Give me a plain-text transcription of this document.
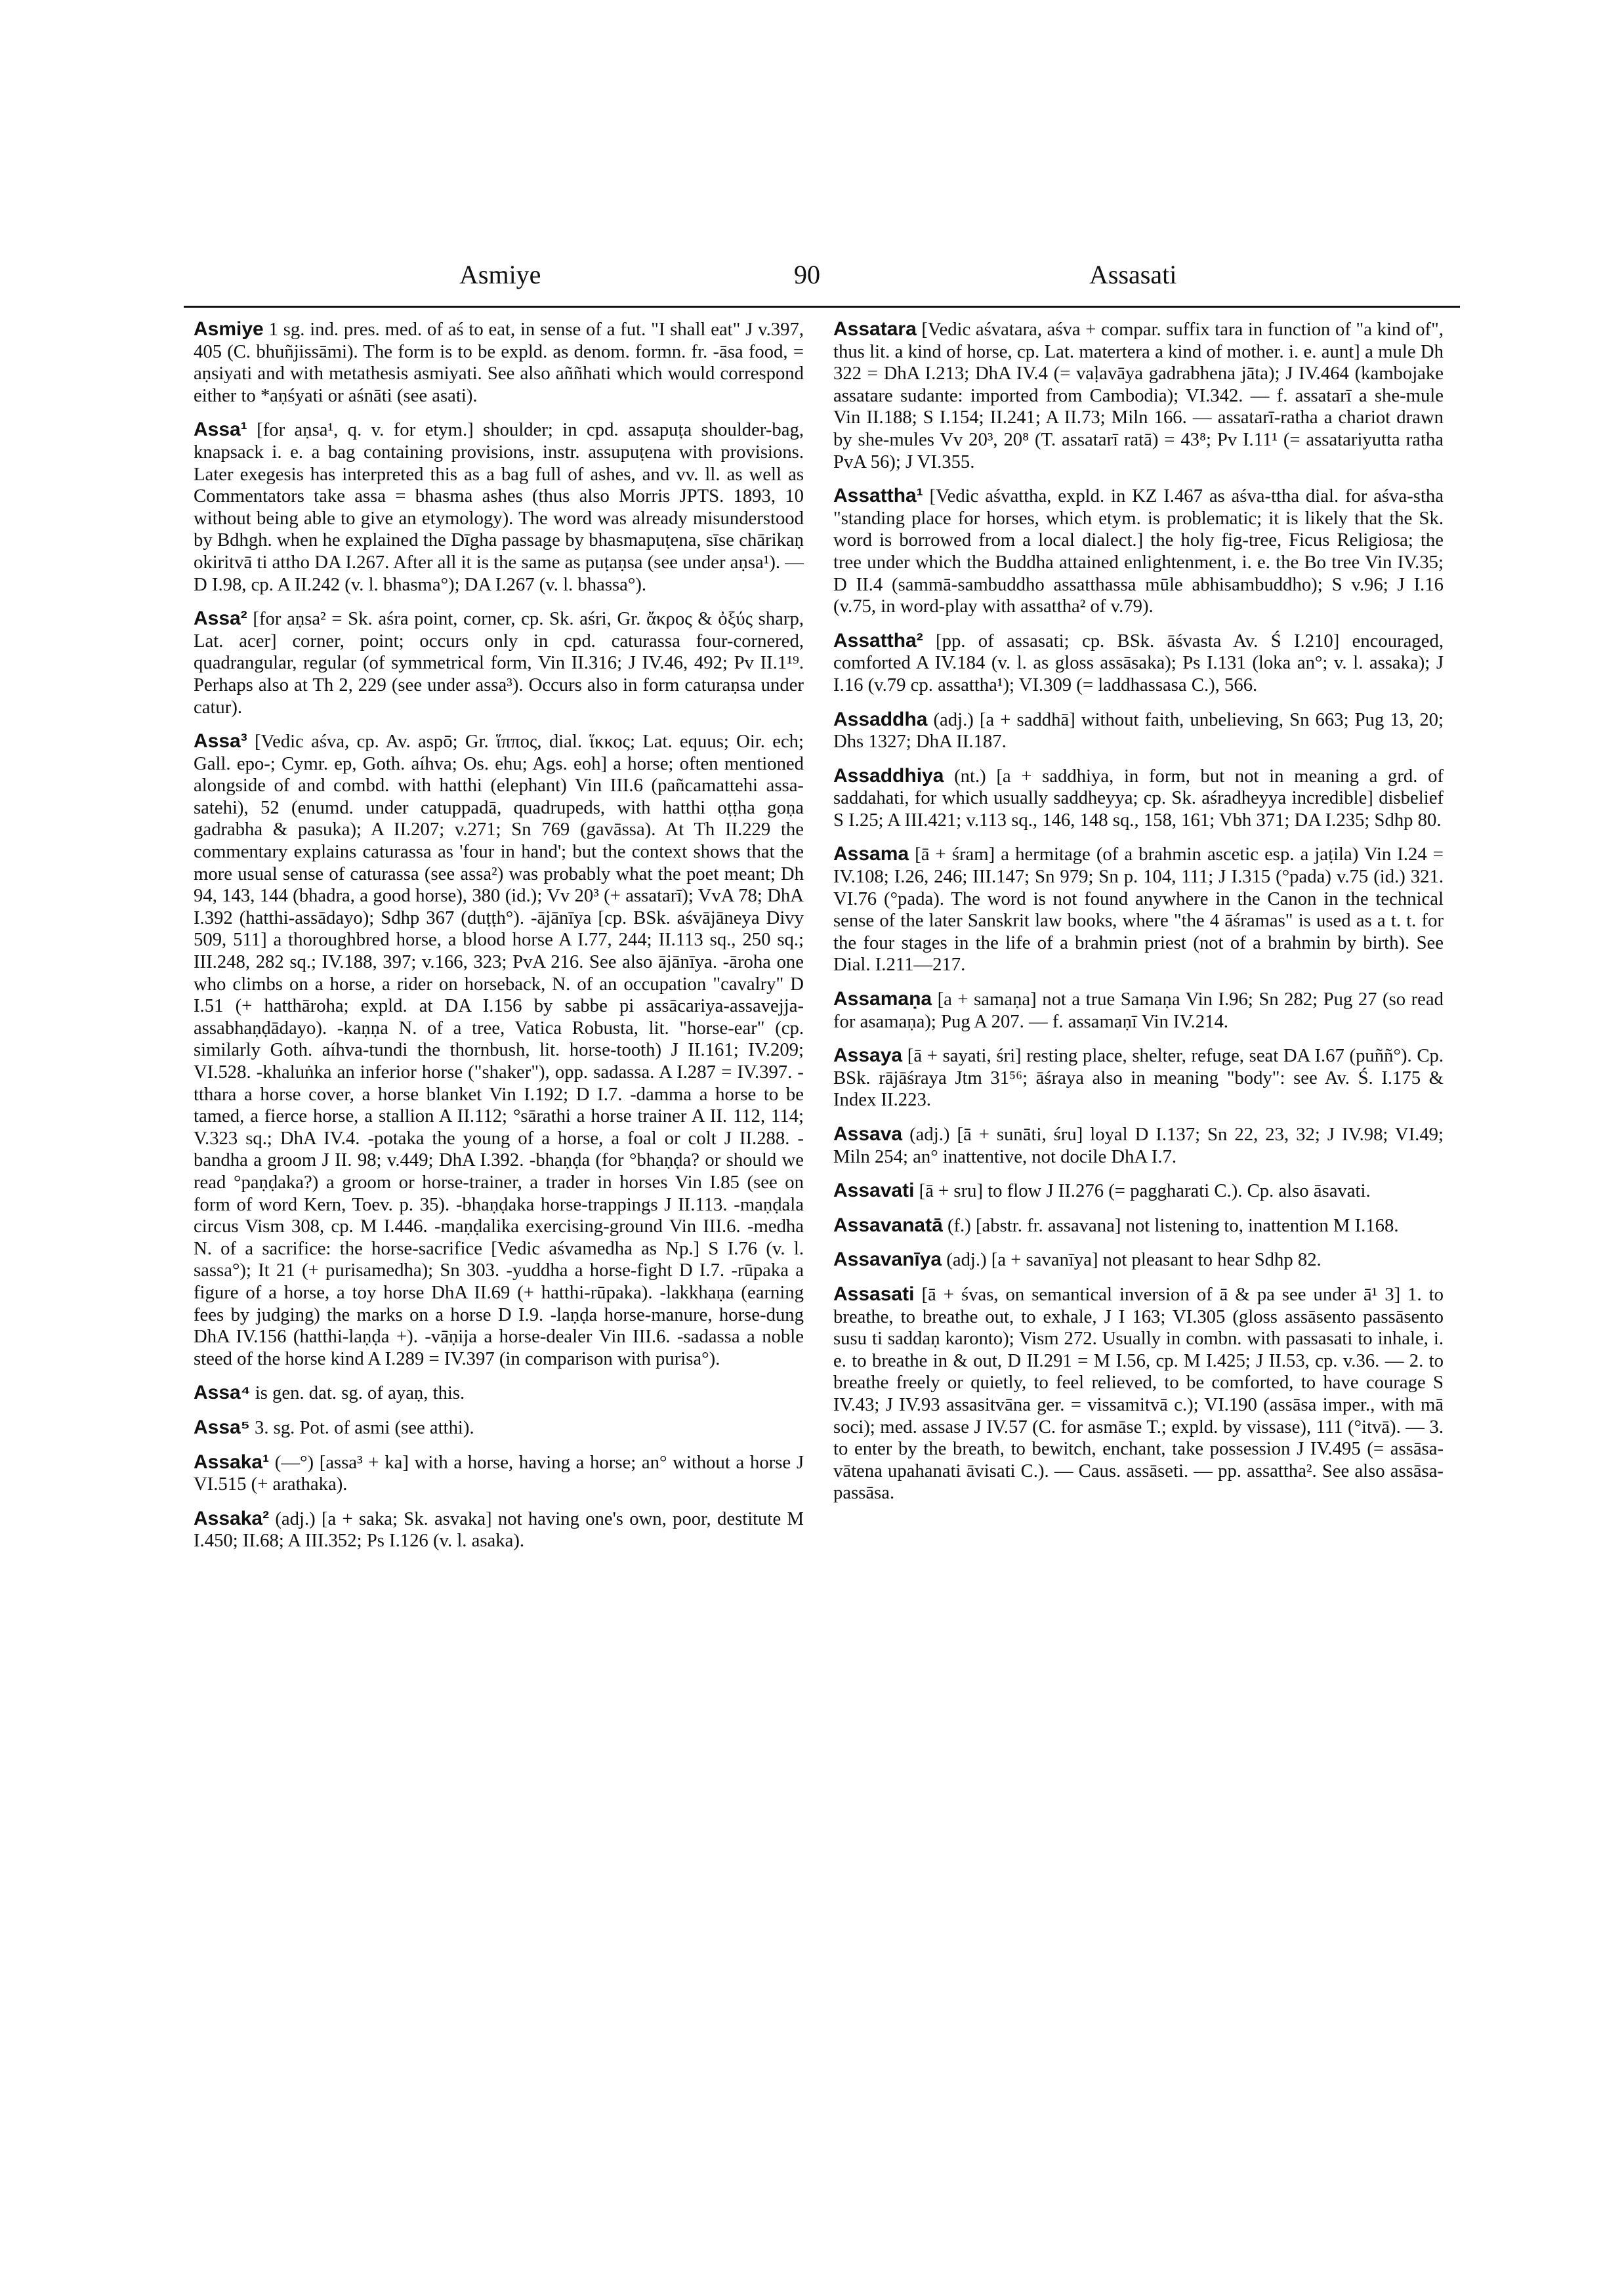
Asmiye	90	Assasati

Asmiye 1 sg. ind. pres. med. of aś to eat, in sense of a fut. "I shall eat" J v.397, 405 (C. bhuñjissāmi). The form is to be expld. as denom. formn. fr. -āsa food, = aṇsiyati and with metathesis asmiyati. See also aññhati which would correspond either to *aṇśyati or aśnāti (see asati).

Assa¹ [for aṇsa¹, q. v. for etym.] shoulder; in cpd. assapuṭa shoulder-bag, knapsack i. e. a bag containing provisions, instr. assupuṭena with provisions. Later exegesis has interpreted this as a bag full of ashes, and vv. ll. as well as Commentators take assa = bhasma ashes (thus also Morris JPTS. 1893, 10 without being able to give an etymology). The word was already misunderstood by Bdhgh. when he explained the Dīgha passage by bhasmapuṭena, sīse chārikaṇ okiritvā ti attho DA I.267. After all it is the same as puṭaṇsa (see under aṇsa¹). — D I.98, cp. A II.242 (v. l. bhasma°); DA I.267 (v. l. bhassa°).

Assa² [for aṇsa² = Sk. aśra point, corner, cp. Sk. aśri, Gr. ἄκρος & ὀξύς sharp, Lat. acer] corner, point; occurs only in cpd. caturassa four-cornered, quadrangular, regular (of symmetrical form, Vin II.316; J IV.46, 492; Pv II.1¹⁹. Perhaps also at Th 2, 229 (see under assa³). Occurs also in form caturaṇsa under catur).

Assa³ [Vedic aśva, cp. Av. aspō; Gr. ἵππος, dial. ἵκκος; Lat. equus; Oir. ech; Gall. epo-; Cymr. ep, Goth. aíhva; Os. ehu; Ags. eoh] a horse; often mentioned alongside of and combd. with hatthi (elephant) Vin III.6 (pañcamattehi assa-satehi), 52 (enumd. under catuppadā, quadrupeds, with hatthi oṭṭha goṇa gadrabha & pasuka); A II.207; v.271; Sn 769 (gavāssa). At Th II.229 the commentary explains caturassa as 'four in hand'; but the context shows that the more usual sense of caturassa (see assa²) was probably what the poet meant; Dh 94, 143, 144 (bhadra, a good horse), 380 (id.); Vv 20³ (+ assatarī); VvA 78; DhA I.392 (hatthi-assādayo); Sdhp 367 (duṭṭh°). -ājānīya [cp. BSk. aśvājāneya Divy 509, 511] a thoroughbred horse, a blood horse A I.77, 244; II.113 sq., 250 sq.; III.248, 282 sq.; IV.188, 397; v.166, 323; PvA 216. See also ājānīya. -āroha one who climbs on a horse, a rider on horseback, N. of an occupation "cavalry" D I.51 (+ hatthāroha; expld. at DA I.156 by sabbe pi assācariya-assavejja-assabhaṇḍādayo). -kaṇṇa N. of a tree, Vatica Robusta, lit. "horse-ear" (cp. similarly Goth. aíhva-tundi the thornbush, lit. horse-tooth) J II.161; IV.209; VI.528. -khaluṅka an inferior horse ("shaker"), opp. sadassa. A I.287 = IV.397. -tthara a horse cover, a horse blanket Vin I.192; D I.7. -damma a horse to be tamed, a fierce horse, a stallion A II.112; °sārathi a horse trainer A II. 112, 114; V.323 sq.; DhA IV.4. -potaka the young of a horse, a foal or colt J II.288. -bandha a groom J II. 98; v.449; DhA I.392. -bhaṇḍa (for °bhaṇḍa? or should we read °paṇḍaka?) a groom or horse-trainer, a trader in horses Vin I.85 (see on form of word Kern, Toev. p. 35). -bhaṇḍaka horse-trappings J II.113. -maṇḍala circus Vism 308, cp. M I.446. -maṇḍalika exercising-ground Vin III.6. -medha N. of a sacrifice: the horse-sacrifice [Vedic aśvamedha as Np.] S I.76 (v. l. sassa°); It 21 (+ purisamedha); Sn 303. -yuddha a horse-fight D I.7. -rūpaka a figure of a horse, a toy horse DhA II.69 (+ hatthi-rūpaka). -lakkhaṇa (earning fees by judging) the marks on a horse D I.9. -laṇḍa horse-manure, horse-dung DhA IV.156 (hatthi-laṇḍa +). -vāṇija a horse-dealer Vin III.6. -sadassa a noble steed of the horse kind A I.289 = IV.397 (in comparison with purisa°).

Assa⁴ is gen. dat. sg. of ayaṇ, this.

Assa⁵ 3. sg. Pot. of asmi (see atthi).

Assaka¹ (—°) [assa³ + ka] with a horse, having a horse; an° without a horse J VI.515 (+ arathaka).

Assaka² (adj.) [a + saka; Sk. asvaka] not having one's own, poor, destitute M I.450; II.68; A III.352; Ps I.126 (v. l. asaka).

Assatara [Vedic aśvatara, aśva + compar. suffix tara in function of "a kind of", thus lit. a kind of horse, cp. Lat. matertera a kind of mother. i. e. aunt] a mule Dh 322 = DhA I.213; DhA IV.4 (= vaḷavāya gadrabhena jāta); J IV.464 (kambojake assatare sudante: imported from Cambodia); VI.342. — f. assatarī a she-mule Vin II.188; S I.154; II.241; A II.73; Miln 166. — assatarī-ratha a chariot drawn by she-mules Vv 20³, 20⁸ (T. assatarī ratā) = 43⁸; Pv I.11¹ (= assatariyutta ratha PvA 56); J VI.355.

Assattha¹ [Vedic aśvattha, expld. in KZ I.467 as aśva-ttha dial. for aśva-stha "standing place for horses, which etym. is problematic; it is likely that the Sk. word is borrowed from a local dialect.] the holy fig-tree, Ficus Religiosa; the tree under which the Buddha attained enlightenment, i. e. the Bo tree Vin IV.35; D II.4 (sammā-sambuddho assatthassa mūle abhisambuddho); S v.96; J I.16 (v.75, in word-play with assattha² of v.79).

Assattha² [pp. of assasati; cp. BSk. āśvasta Av. Ś I.210] encouraged, comforted A IV.184 (v. l. as gloss assāsaka); Ps I.131 (loka an°; v. l. assaka); J I.16 (v.79 cp. assattha¹); VI.309 (= laddhassasa C.), 566.

Assaddha (adj.) [a + saddhā] without faith, unbelieving, Sn 663; Pug 13, 20; Dhs 1327; DhA II.187.

Assaddhiya (nt.) [a + saddhiya, in form, but not in meaning a grd. of saddahati, for which usually saddheyya; cp. Sk. aśradheyya incredible] disbelief S I.25; A III.421; v.113 sq., 146, 148 sq., 158, 161; Vbh 371; DA I.235; Sdhp 80.

Assama [ā + śram] a hermitage (of a brahmin ascetic esp. a jaṭila) Vin I.24 = IV.108; I.26, 246; III.147; Sn 979; Sn p. 104, 111; J I.315 (°pada) v.75 (id.) 321. VI.76 (°pada). The word is not found anywhere in the Canon in the technical sense of the later Sanskrit law books, where "the 4 āśramas" is used as a t. t. for the four stages in the life of a brahmin priest (not of a brahmin by birth). See Dial. I.211—217.

Assamaṇa [a + samaṇa] not a true Samaṇa Vin I.96; Sn 282; Pug 27 (so read for asamaṇa); Pug A 207. — f. assamaṇī Vin IV.214.

Assaya [ā + sayati, śri] resting place, shelter, refuge, seat DA I.67 (puññ°). Cp. BSk. rājāśraya Jtm 31⁵⁶; āśraya also in meaning "body": see Av. Ś. I.175 & Index II.223.

Assava (adj.) [ā + sunāti, śru] loyal D I.137; Sn 22, 23, 32; J IV.98; VI.49; Miln 254; an° inattentive, not docile DhA I.7.

Assavati [ā + sru] to flow J II.276 (= paggharati C.). Cp. also āsavati.

Assavanatā (f.) [abstr. fr. assavana] not listening to, inattention M I.168.

Assavanīya (adj.) [a + savanīya] not pleasant to hear Sdhp 82.

Assasati [ā + śvas, on semantical inversion of ā & pa see under ā¹ 3] 1. to breathe, to breathe out, to exhale, J I 163; VI.305 (gloss assāsento passāsento susu ti saddaṇ karonto); Vism 272. Usually in combn. with passasati to inhale, i. e. to breathe in & out, D II.291 = M I.56, cp. M I.425; J II.53, cp. v.36. — 2. to breathe freely or quietly, to feel relieved, to be comforted, to have courage S IV.43; J IV.93 assasitvāna ger. = vissamitvā c.); VI.190 (assāsa imper., with mā soci); med. assase J IV.57 (C. for asmāse T.; expld. by vissase), 111 (°itvā). — 3. to enter by the breath, to bewitch, enchant, take possession J IV.495 (= assāsa-vātena upahanati āvisati C.). — Caus. assāseti. — pp. assattha². See also assāsa-passāsa.
